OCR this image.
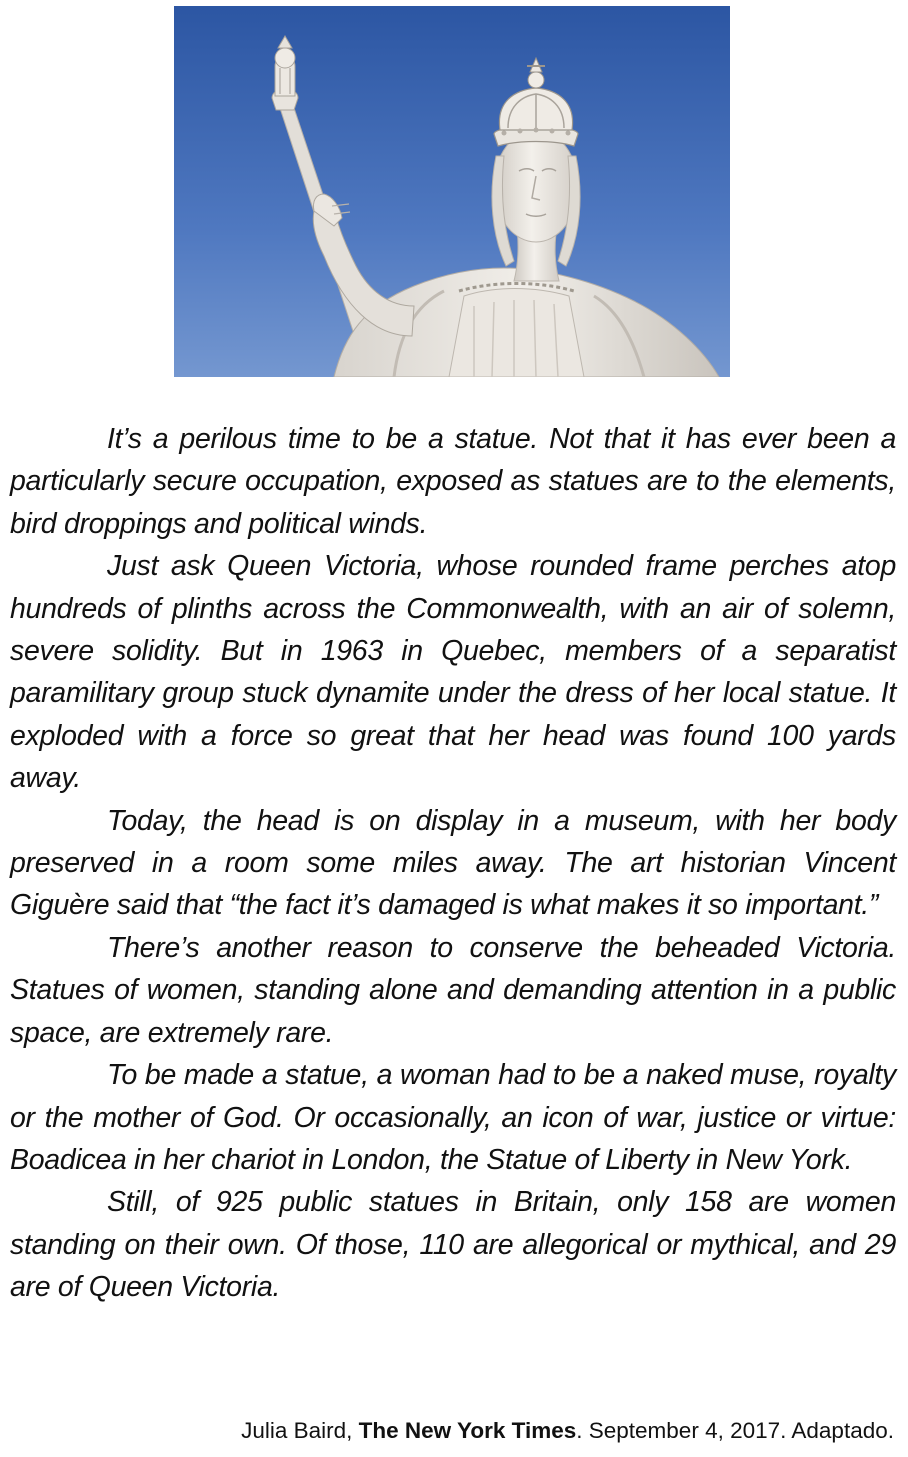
It’s a perilous time to be a statue. Not that it has ever been a particularly secure occupation, exposed as statues are to the elements, bird droppings and political winds.

Just ask Queen Victoria, whose rounded frame perches atop hundreds of plinths across the Commonwealth, with an air of solemn, severe solidity. But in 1963 in Quebec, members of a separatist paramilitary group stuck dynamite under the dress of her local statue. It exploded with a force so great that her head was found 100 yards away.

Today, the head is on display in a museum, with her body preserved in a room some miles away. The art historian Vincent Giguère said that “the fact it’s damaged is what makes it so important.”

There’s another reason to conserve the beheaded Victoria. Statues of women, standing alone and demanding attention in a public space, are extremely rare.

To be made a statue, a woman had to be a naked muse, royalty or the mother of God. Or occasionally, an icon of war, justice or virtue: Boadicea in her chariot in London, the Statue of Liberty in New York.

Still, of 925 public statues in Britain, only 158 are women standing on their own. Of those, 110 are allegorical or mythical, and 29 are of Queen Victoria.

Julia Baird, The New York Times. September 4, 2017. Adaptado.
